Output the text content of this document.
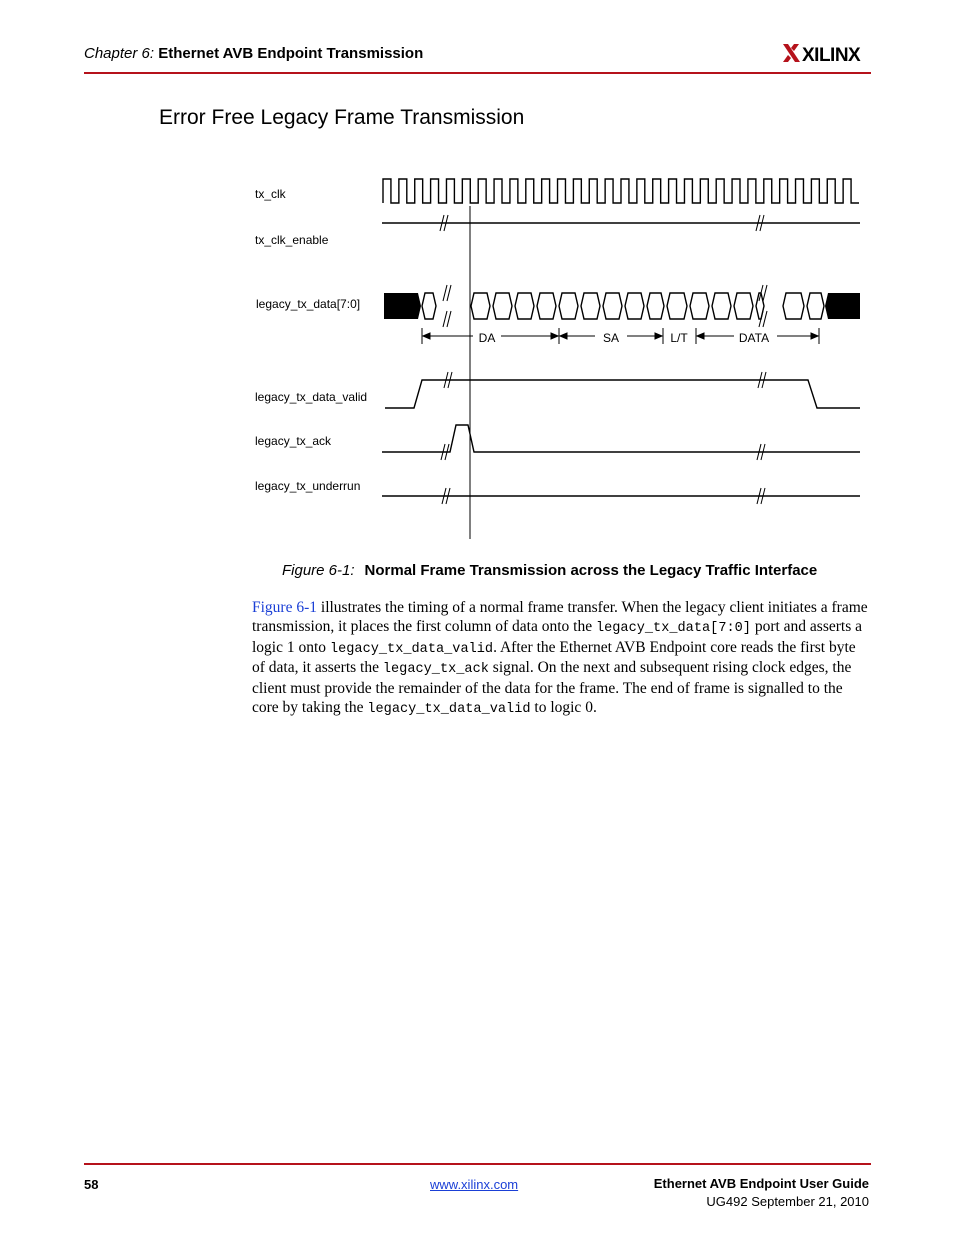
Chapter 6: Ethernet AVB Endpoint Transmission	XILINX
Error Free Legacy Frame Transmission
tx_clk
tx_clk_enable
legacy_tx_data[7:0]
legacy_tx_data_valid
legacy_tx_ack
legacy_tx_underrun
DA	SA	L/T	DATA
Figure 6-1: Normal Frame Transmission across the Legacy Traffic Interface
Figure 6-1 illustrates the timing of a normal frame transfer. When the legacy client initiates a frame transmission, it places the first column of data onto the legacy_tx_data[7:0] port and asserts a logic 1 onto legacy_tx_data_valid. After the Ethernet AVB Endpoint core reads the first byte of data, it asserts the legacy_tx_ack signal. On the next and subsequent rising clock edges, the client must provide the remainder of the data for the frame. The end of frame is signalled to the core by taking the legacy_tx_data_valid to logic 0.
58	www.xilinx.com	Ethernet AVB Endpoint User Guide
UG492 September 21, 2010
